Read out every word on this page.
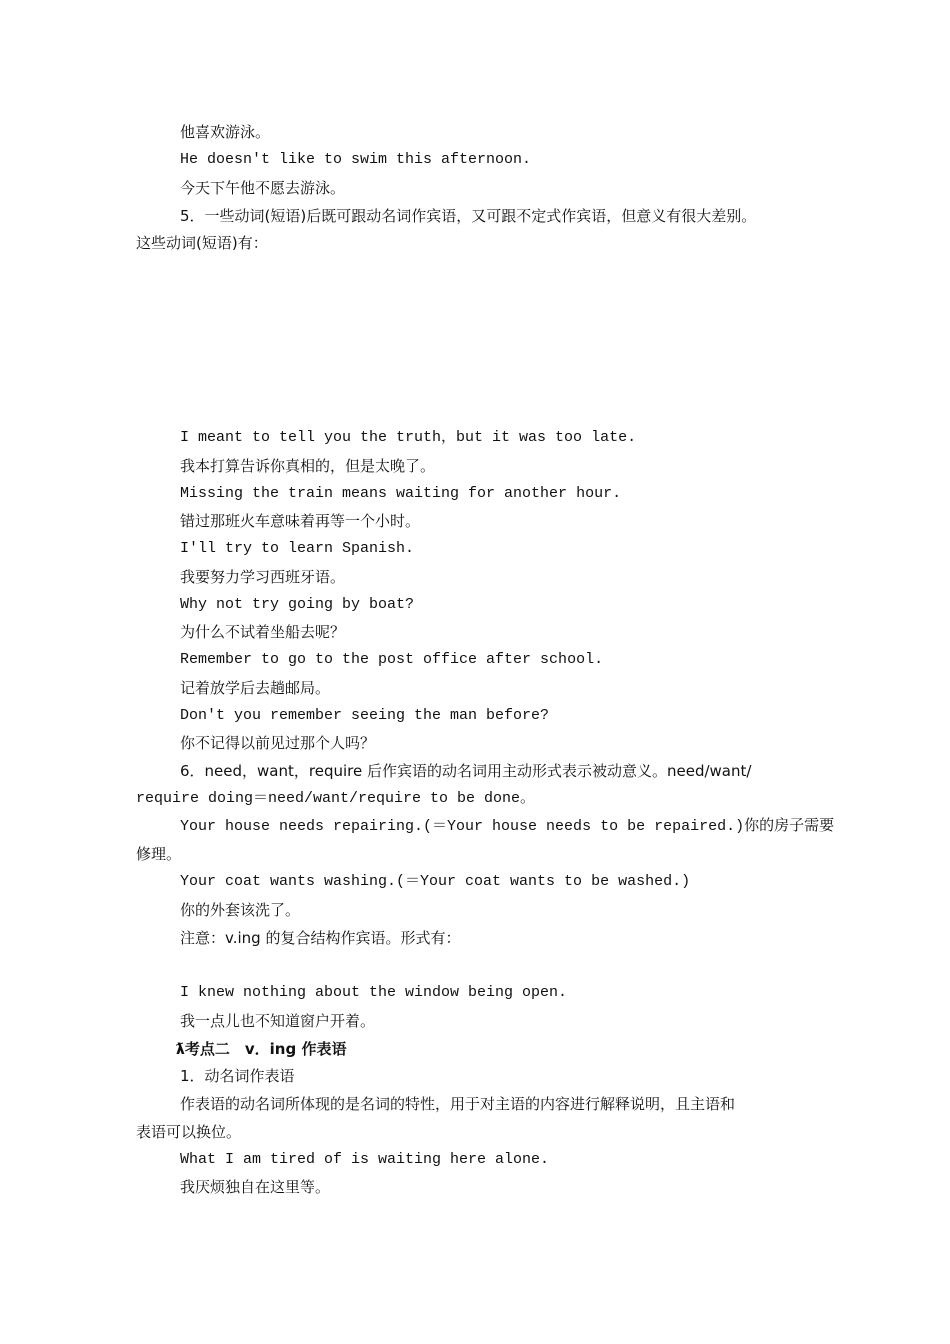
他喜欢游泳。
He doesn't like to swim this afternoon.
今天下午他不愿去游泳。
5．一些动词(短语)后既可跟动名词作宾语，又可跟不定式作宾语，但意义有很大差别。
这些动词(短语)有：
I meant to tell you the truth，but it was too late.
我本打算告诉你真相的，但是太晚了。
Missing the train means waiting for another hour.
错过那班火车意味着再等一个小时。
I'll try to learn Spanish.
我要努力学习西班牙语。
Why not try going by boat?
为什么不试着坐船去呢？
Remember to go to the post office after school.
记着放学后去趟邮局。
Don't you remember seeing the man before?
你不记得以前见过那个人吗？
6．need，want，require 后作宾语的动名词用主动形式表示被动意义。need/want/
require doing＝need/want/require to be done。
Your house needs repairing.(＝Your house needs to be repaired.)你的房子需要
修理。
Your coat wants washing.(＝Your coat wants to be washed.)
你的外套该洗了。
注意：v.ing 的复合结构作宾语。形式有：
I knew nothing about the window being open.
我一点儿也不知道窗户开着。
ƛ考点二　v．ing 作表语
1．动名词作表语
作表语的动名词所体现的是名词的特性，用于对主语的内容进行解释说明，且主语和
表语可以换位。
What I am tired of is waiting here alone.
我厌烦独自在这里等。
